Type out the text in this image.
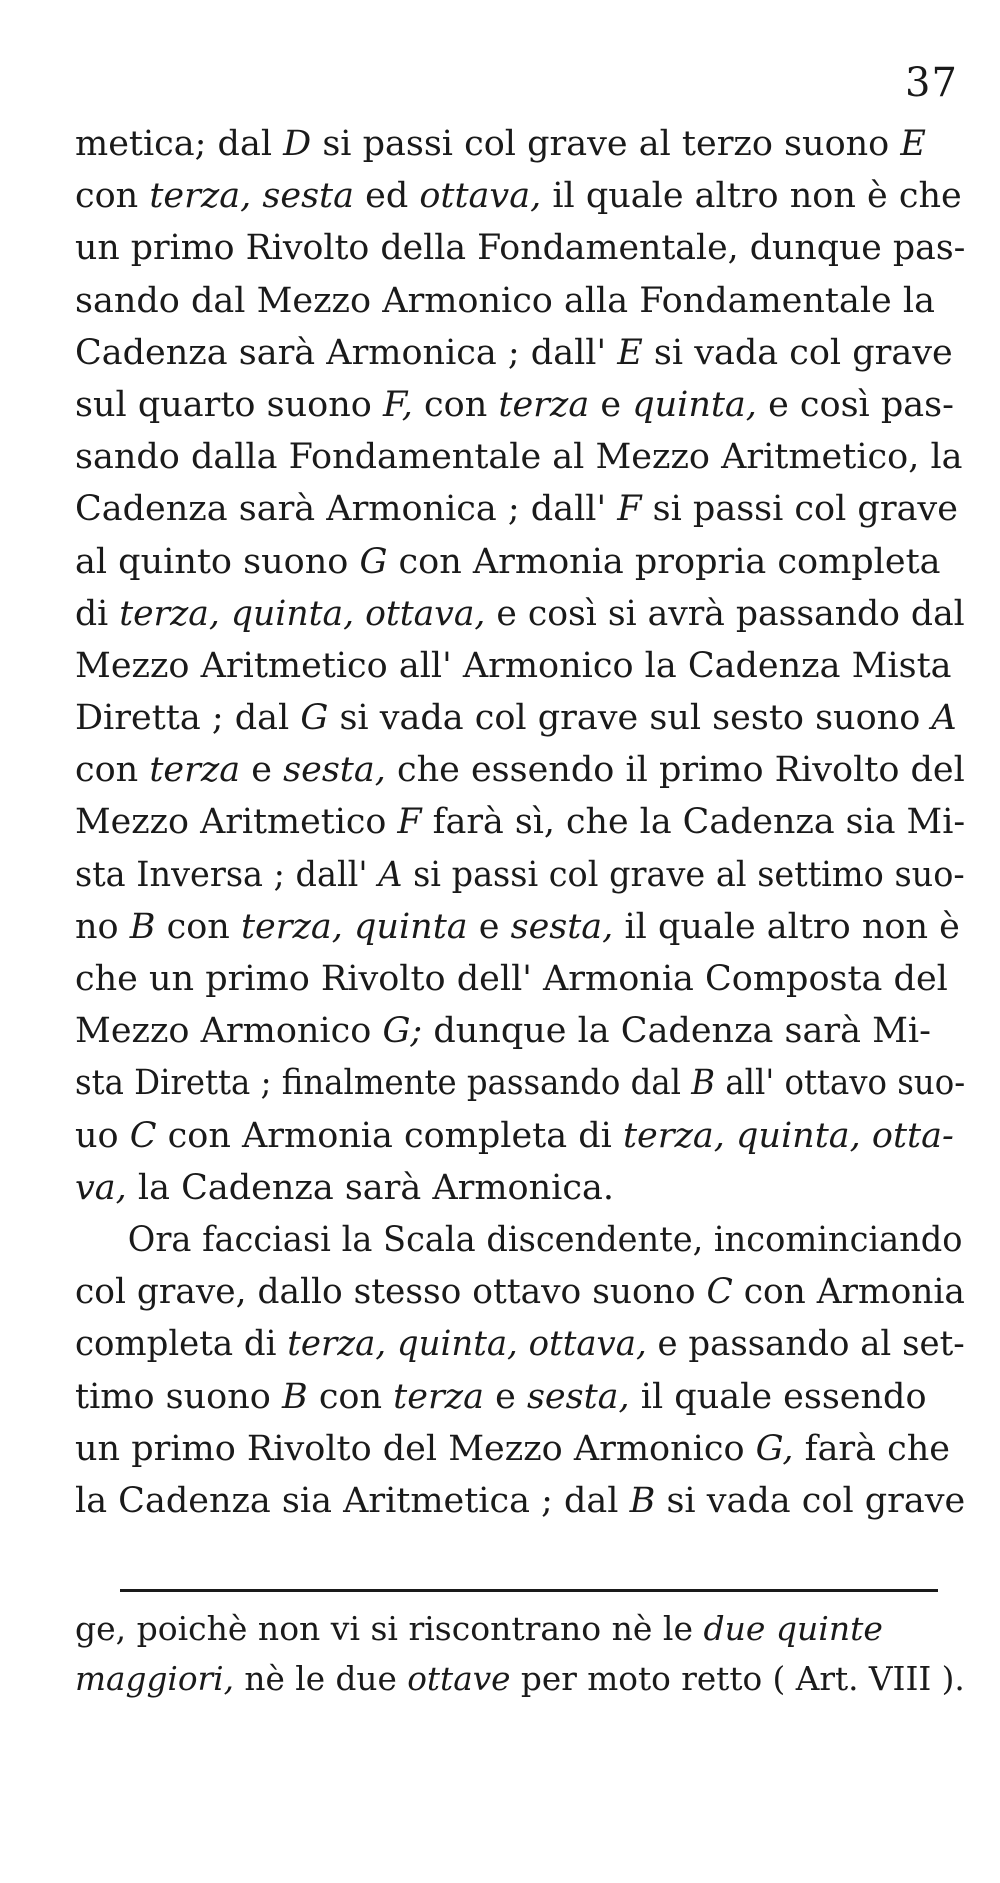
37
metica; dal D si passi col grave al terzo suono E
con terza, sesta ed ottava, il quale altro non è che
un primo Rivolto della Fondamentale, dunque pas-
sando dal Mezzo Armonico alla Fondamentale la
Cadenza sarà Armonica ; dall' E si vada col grave
sul quarto suono F, con terza e quinta, e così pas-
sando dalla Fondamentale al Mezzo Aritmetico, la
Cadenza sarà Armonica ; dall' F si passi col grave
al quinto suono G con Armonia propria completa
di terza, quinta, ottava, e così si avrà passando dal
Mezzo Aritmetico all' Armonico la Cadenza Mista
Diretta ; dal G si vada col grave sul sesto suono A
con terza e sesta, che essendo il primo Rivolto del
Mezzo Aritmetico F farà sì, che la Cadenza sia Mi-
sta Inversa ; dall' A si passi col grave al settimo suo-
no B con terza, quinta e sesta, il quale altro non è
che un primo Rivolto dell' Armonia Composta del
Mezzo Armonico G; dunque la Cadenza sarà Mi-
sta Diretta ; finalmente passando dal B all' ottavo suo-
uo C con Armonia completa di terza, quinta, otta-
va, la Cadenza sarà Armonica.
Ora facciasi la Scala discendente, incominciando
col grave, dallo stesso ottavo suono C con Armonia
completa di terza, quinta, ottava, e passando al set-
timo suono B con terza e sesta, il quale essendo
un primo Rivolto del Mezzo Armonico G, farà che
la Cadenza sia Aritmetica ; dal B si vada col grave
ge, poichè non vi si riscontrano nè le due quinte
maggiori, nè le due ottave per moto retto ( Art. VIII ).
